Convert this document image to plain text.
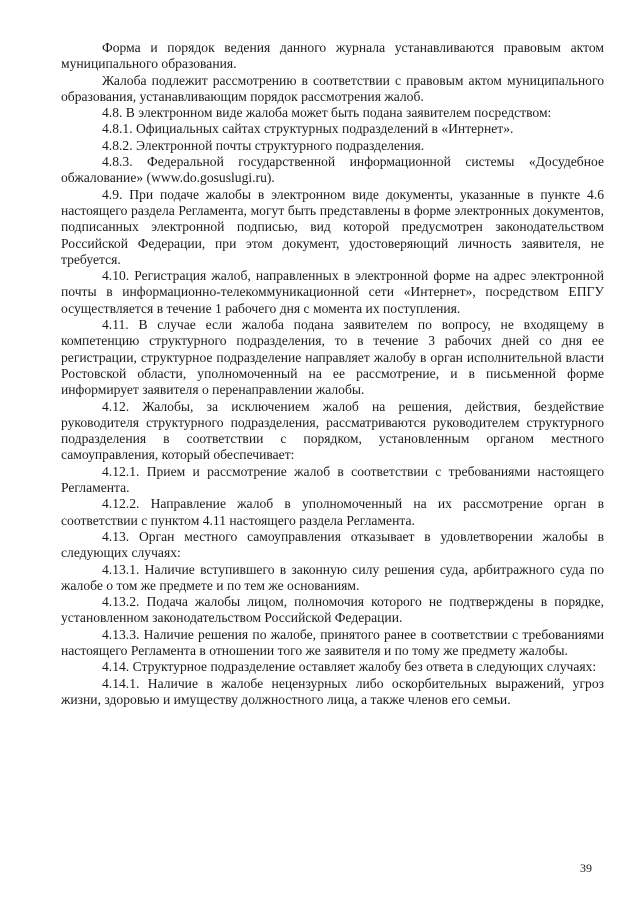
Форма и порядок ведения данного журнала устанавливаются правовым актом муниципального образования.

Жалоба подлежит рассмотрению в соответствии с правовым актом муниципального образования, устанавливающим порядок рассмотрения жалоб.

4.8. В электронном виде жалоба может быть подана заявителем посредством:

4.8.1. Официальных сайтах структурных подразделений в «Интернет».

4.8.2. Электронной почты структурного подразделения.

4.8.3. Федеральной государственной информационной системы «Досудебное обжалование» (www.do.gosuslugi.ru).

4.9. При подаче жалобы в электронном виде документы, указанные в пункте 4.6 настоящего раздела Регламента, могут быть представлены в форме электронных документов, подписанных электронной подписью, вид которой предусмотрен законодательством Российской Федерации, при этом документ, удостоверяющий личность заявителя, не требуется.

4.10. Регистрация жалоб, направленных в электронной форме на адрес электронной почты в информационно-телекоммуникационной сети «Интернет», посредством ЕПГУ осуществляется в течение 1 рабочего дня с момента их поступления.

4.11. В случае если жалоба подана заявителем по вопросу, не входящему в компетенцию структурного подразделения, то в течение 3 рабочих дней со дня ее регистрации, структурное подразделение направляет жалобу в орган исполнительной власти Ростовской области, уполномоченный на ее рассмотрение, и в письменной форме информирует заявителя о перенаправлении жалобы.

4.12. Жалобы, за исключением жалоб на решения, действия, бездействие руководителя структурного подразделения, рассматриваются руководителем структурного подразделения в соответствии с порядком, установленным органом местного самоуправления, который обеспечивает:

4.12.1. Прием и рассмотрение жалоб в соответствии с требованиями настоящего Регламента.

4.12.2. Направление жалоб в уполномоченный на их рассмотрение орган в соответствии с пунктом 4.11 настоящего раздела Регламента.

4.13. Орган местного самоуправления отказывает в удовлетворении жалобы в следующих случаях:

4.13.1. Наличие вступившего в законную силу решения суда, арбитражного суда по жалобе о том же предмете и по тем же основаниям.

4.13.2. Подача жалобы лицом, полномочия которого не подтверждены в порядке, установленном законодательством Российской Федерации.

4.13.3. Наличие решения по жалобе, принятого ранее в соответствии с требованиями настоящего Регламента в отношении того же заявителя и по тому же предмету жалобы.

4.14. Структурное подразделение оставляет жалобу без ответа в следующих случаях:

4.14.1. Наличие в жалобе нецензурных либо оскорбительных выражений, угроз жизни, здоровью и имуществу должностного лица, а также членов его семьи.

39
